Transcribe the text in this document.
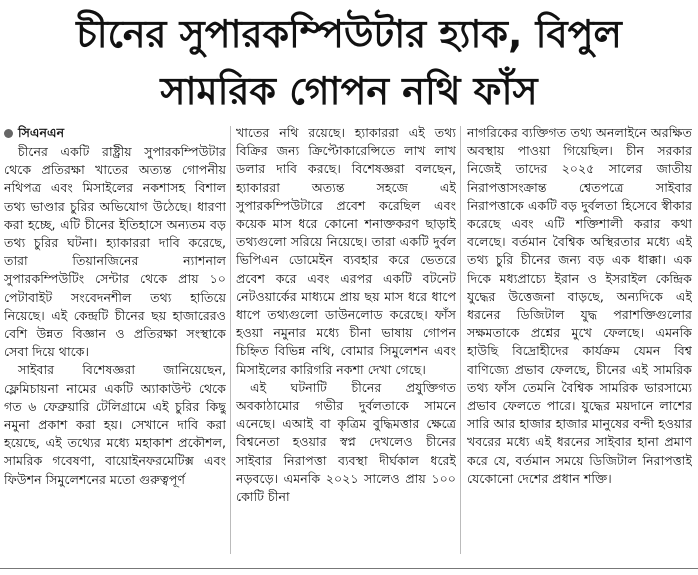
চীনের সুপারকম্পিউটার হ্যাক, বিপুল
সামরিক গোপন নথি ফাঁস
সিএনএন

চীনের একটি রাষ্ট্রীয় সুপারকম্পিউটার থেকে প্রতিরক্ষা খাতের অত্যন্ত গোপনীয় নথিপত্র এবং মিসাইলের নকশাসহ বিশাল তথ্য ভাণ্ডার চুরির অভিযোগ উঠেছে। ধারণা করা হচ্ছে, এটি চীনের ইতিহাসে অন্যতম বড় তথ্য চুরির ঘটনা। হ্যাকাররা দাবি করেছে, তারা তিয়ানজিনের ন্যাশনাল সুপারকম্পিউটিং সেন্টার থেকে প্রায় ১০ পেটাবাইট সংবেদনশীল তথ্য হাতিয়ে নিয়েছে। এই কেন্দ্রটি চীনের ছয় হাজারেরও বেশি উন্নত বিজ্ঞান ও প্রতিরক্ষা সংস্থাকে সেবা দিয়ে থাকে।

সাইবার বিশেষজ্ঞরা জানিয়েছেন, ফ্লেমিচায়না নামের একটি অ্যাকাউন্ট থেকে গত ৬ ফেব্রুয়ারি টেলিগ্রামে এই চুরির কিছু নমুনা প্রকাশ করা হয়। সেখানে দাবি করা হয়েছে, এই তথ্যের মধ্যে মহাকাশ প্রকৌশল, সামরিক গবেষণা, বায়োইনফরমেটিক্স এবং ফিউশন সিমুলেশনের মতো গুরুত্বপূর্ণ

খাতের নথি রয়েছে। হ্যাকাররা এই তথ্য বিক্রির জন্য ক্রিপ্টোকারেন্সিতে লাখ লাখ ডলার দাবি করছে। বিশেষজ্ঞরা বলছেন, হ্যাকাররা অত্যন্ত সহজে এই সুপারকম্পিউটারে প্রবেশ করেছিল এবং কয়েক মাস ধরে কোনো শনাক্তকরণ ছাড়াই তথ্যগুলো সরিয়ে নিয়েছে। তারা একটি দুর্বল ভিপিএন ডোমেইন ব্যবহার করে ভেতরে প্রবেশ করে এবং এরপর একটি বটনেট নেটওয়ার্কের মাধ্যমে প্রায় ছয় মাস ধরে ধাপে ধাপে তথ্যগুলো ডাউনলোড করেছে। ফাঁস হওয়া নমুনার মধ্যে চীনা ভাষায় গোপন চিহ্নিত বিভিন্ন নথি, বোমার সিমুলেশন এবং মিসাইলের কারিগরি নকশা দেখা গেছে।

এই ঘটনাটি চীনের প্রযুক্তিগত অবকাঠামোর গভীর দুর্বলতাকে সামনে এনেছে। এআই বা কৃত্রিম বুদ্ধিমত্তার ক্ষেত্রে বিশ্বনেতা হওয়ার স্বপ্ন দেখলেও চীনের সাইবার নিরাপত্তা ব্যবস্থা দীর্ঘকাল ধরেই নড়বড়ে। এমনকি ২০২১ সালেও প্রায় ১০০ কোটি চীনা

নাগরিকের ব্যক্তিগত তথ্য অনলাইনে অরক্ষিত অবস্থায় পাওয়া গিয়েছিল। চীন সরকার নিজেই তাদের ২০২৫ সালের জাতীয় নিরাপত্তাসংক্রান্ত শ্বেতপত্রে সাইবার নিরাপত্তাকে একটি বড় দুর্বলতা হিসেবে স্বীকার করেছে এবং এটি শক্তিশালী করার কথা বলেছে। বর্তমান বৈশ্বিক অস্থিরতার মধ্যে এই তথ্য চুরি চীনের জন্য বড় এক ধাক্কা। এক দিকে মধ্যপ্রাচ্যে ইরান ও ইসরাইল কেন্দ্রিক যুদ্ধের উত্তেজনা বাড়ছে, অন্যদিকে এই ধরনের ডিজিটাল যুদ্ধ পরাশক্তিগুলোর সক্ষমতাকে প্রশ্নের মুখে ফেলছে। এমনকি হাউছি বিদ্রোহীদের কার্যক্রম যেমন বিশ্ব বাণিজ্যে প্রভাব ফেলছে, চীনের এই সামরিক তথ্য ফাঁস তেমনি বৈশ্বিক সামরিক ভারসাম্যে প্রভাব ফেলতে পারে। যুদ্ধের ময়দানে লাশের সারি আর হাজার হাজার মানুষের বন্দী হওয়ার খবরের মধ্যে এই ধরনের সাইবার হানা প্রমাণ করে যে, বর্তমান সময়ে ডিজিটাল নিরাপত্তাই যেকোনো দেশের প্রধান শক্তি।
